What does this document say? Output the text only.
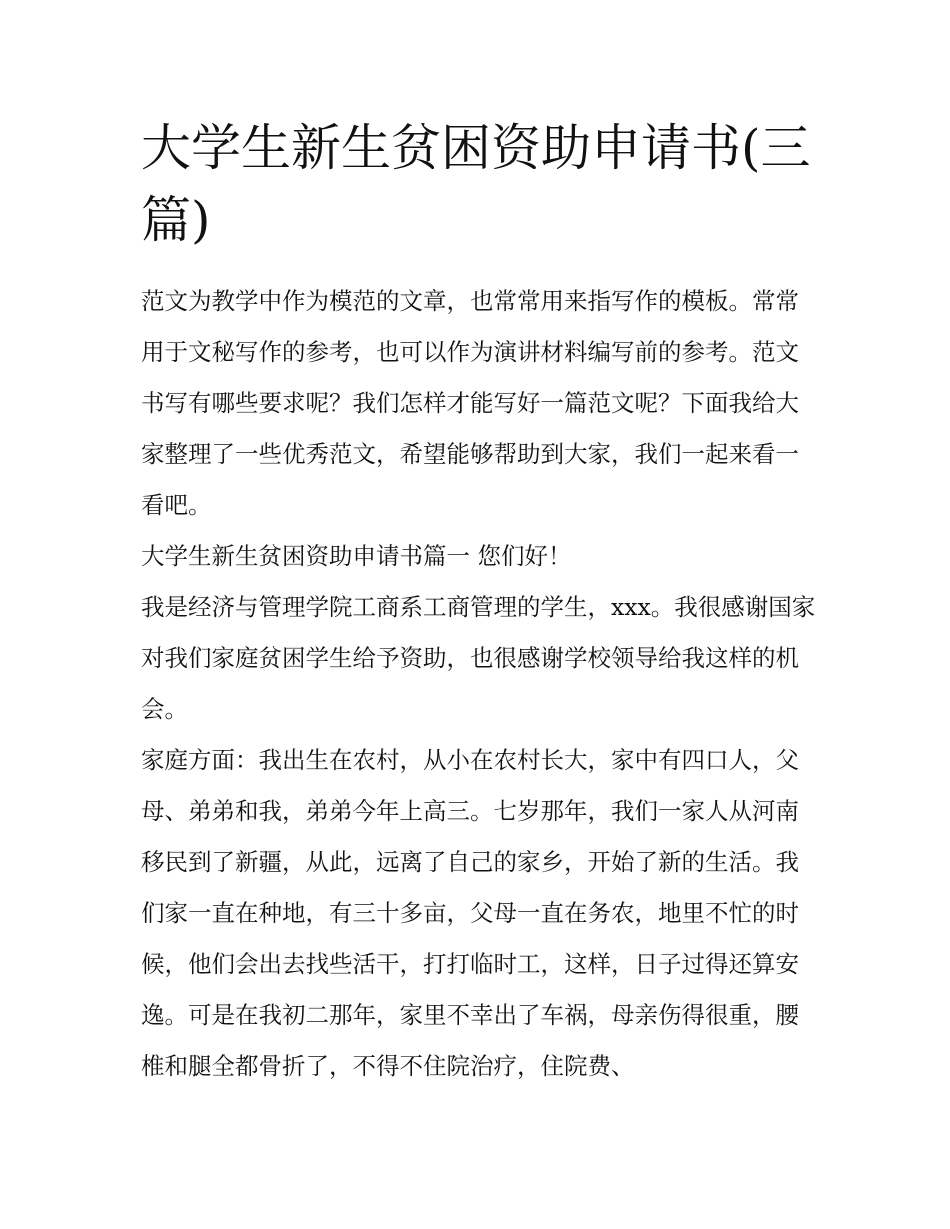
大学生新生贫困资助申请书(三篇)

范文为教学中作为模范的文章，也常常用来指写作的模板。常常用于文秘写作的参考，也可以作为演讲材料编写前的参考。范文书写有哪些要求呢？我们怎样才能写好一篇范文呢？下面我给大家整理了一些优秀范文，希望能够帮助到大家，我们一起来看一看吧。

大学生新生贫困资助申请书篇一 您们好！

我是经济与管理学院工商系工商管理的学生，xxx。我很感谢国家对我们家庭贫困学生给予资助，也很感谢学校领导给我这样的机会。

家庭方面：我出生在农村，从小在农村长大，家中有四口人，父母、弟弟和我，弟弟今年上高三。七岁那年，我们一家人从河南移民到了新疆，从此，远离了自己的家乡，开始了新的生活。我们家一直在种地，有三十多亩，父母一直在务农，地里不忙的时候，他们会出去找些活干，打打临时工，这样，日子过得还算安逸。可是在我初二那年，家里不幸出了车祸，母亲伤得很重，腰椎和腿全都骨折了，不得不住院治疗，住院费、
